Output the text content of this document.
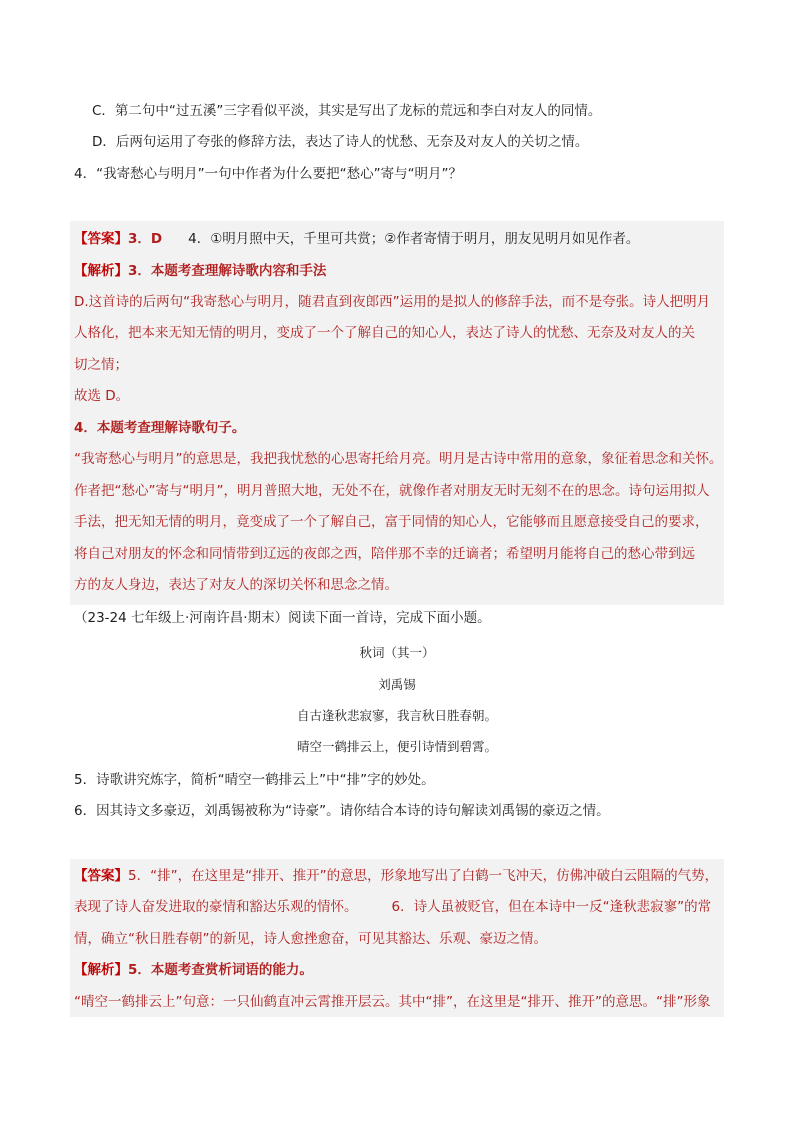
C．第二句中“过五溪”三字看似平淡，其实是写出了龙标的荒远和李白对友人的同情。
D．后两句运用了夸张的修辞方法，表达了诗人的忧愁、无奈及对友人的关切之情。
4．“我寄愁心与明月”一句中作者为什么要把“愁心”寄与“明月”？
【答案】3．D 4．①明月照中天，千里可共赏；②作者寄情于明月，朋友见明月如见作者。
【解析】3．本题考查理解诗歌内容和手法
D.这首诗的后两句“我寄愁心与明月，随君直到夜郎西”运用的是拟人的修辞手法，而不是夸张。诗人把明月
人格化，把本来无知无情的明月，变成了一个了解自己的知心人，表达了诗人的忧愁、无奈及对友人的关
切之情；
故选 D。
4．本题考查理解诗歌句子。
“我寄愁心与明月”的意思是，我把我忧愁的心思寄托给月亮。明月是古诗中常用的意象，象征着思念和关怀。
作者把“愁心”寄与“明月”，明月普照大地，无处不在，就像作者对朋友无时无刻不在的思念。诗句运用拟人
手法，把无知无情的明月，竟变成了一个了解自己，富于同情的知心人，它能够而且愿意接受自己的要求，
将自己对朋友的怀念和同情带到辽远的夜郎之西，陪伴那不幸的迁谪者；希望明月能将自己的愁心带到远
方的友人身边，表达了对友人的深切关怀和思念之情。
（23-24 七年级上·河南许昌·期末）阅读下面一首诗，完成下面小题。
秋词（其一）
刘禹锡
自古逢秋悲寂寥，我言秋日胜春朝。
晴空一鹤排云上，便引诗情到碧霄。
5．诗歌讲究炼字，简析“晴空一鹤排云上”中“排”字的妙处。
6．因其诗文多豪迈，刘禹锡被称为“诗豪”。请你结合本诗的诗句解读刘禹锡的豪迈之情。
【答案】5．“排”，在这里是“排开、推开”的意思，形象地写出了白鹤一飞冲天，仿佛冲破白云阻隔的气势，
表现了诗人奋发进取的豪情和豁达乐观的情怀。	6．诗人虽被贬官，但在本诗中一反“逢秋悲寂寥”的常
情，确立“秋日胜春朝”的新见，诗人愈挫愈奋，可见其豁达、乐观、豪迈之情。
【解析】5．本题考查赏析词语的能力。
“晴空一鹤排云上”句意：一只仙鹤直冲云霄推开层云。其中“排”，在这里是“排开、推开”的意思。“排”形象
